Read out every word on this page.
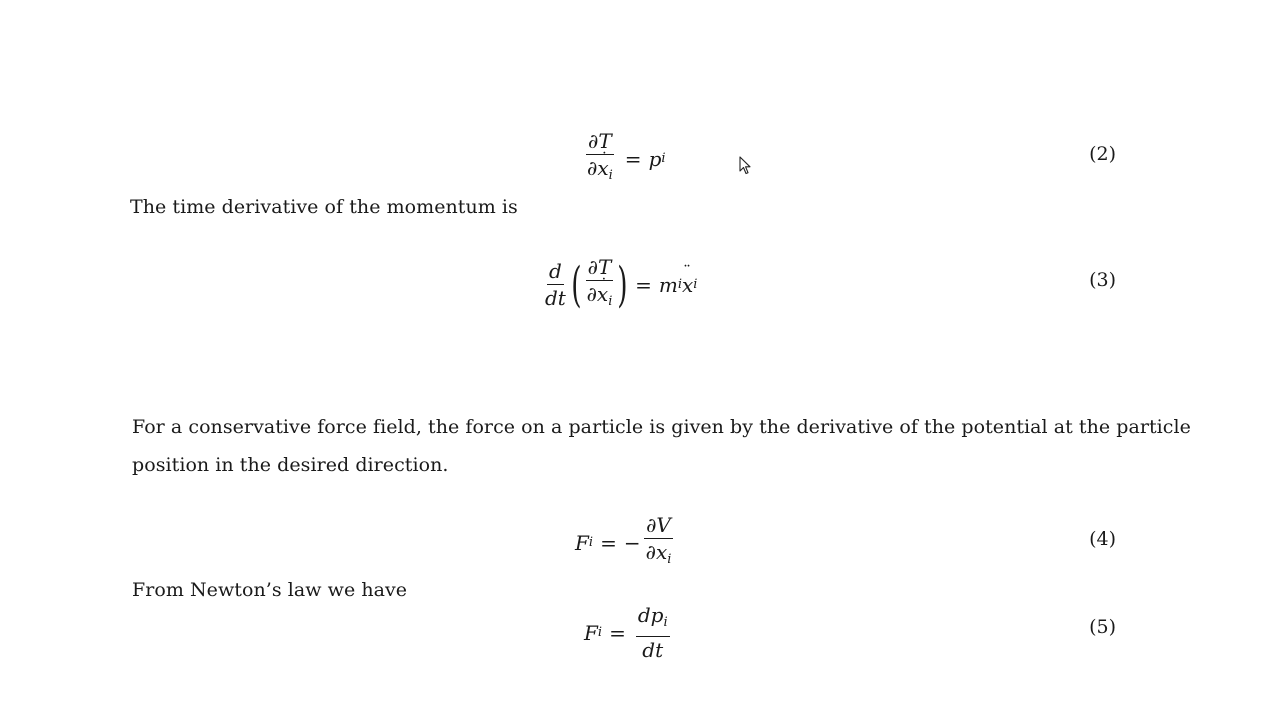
$\frac{\partial T}{\partial˙ x_i} = p$ i	(2)
The time derivative of the momentum is
$\frac{d}{dt}$ ( $\frac{\partial T}{\partial˙ x_i}$ ) = m i
¨ x i	(3)
For a conservative force field, the force on a particle is given by the derivative of the potential at the particle
position in the desired direction.
F i = − $\frac{\partial V}{\partial x_i}$	(4)
From Newton’s law we have
F $i = \frac{dp_i}{dt}$	(5)
